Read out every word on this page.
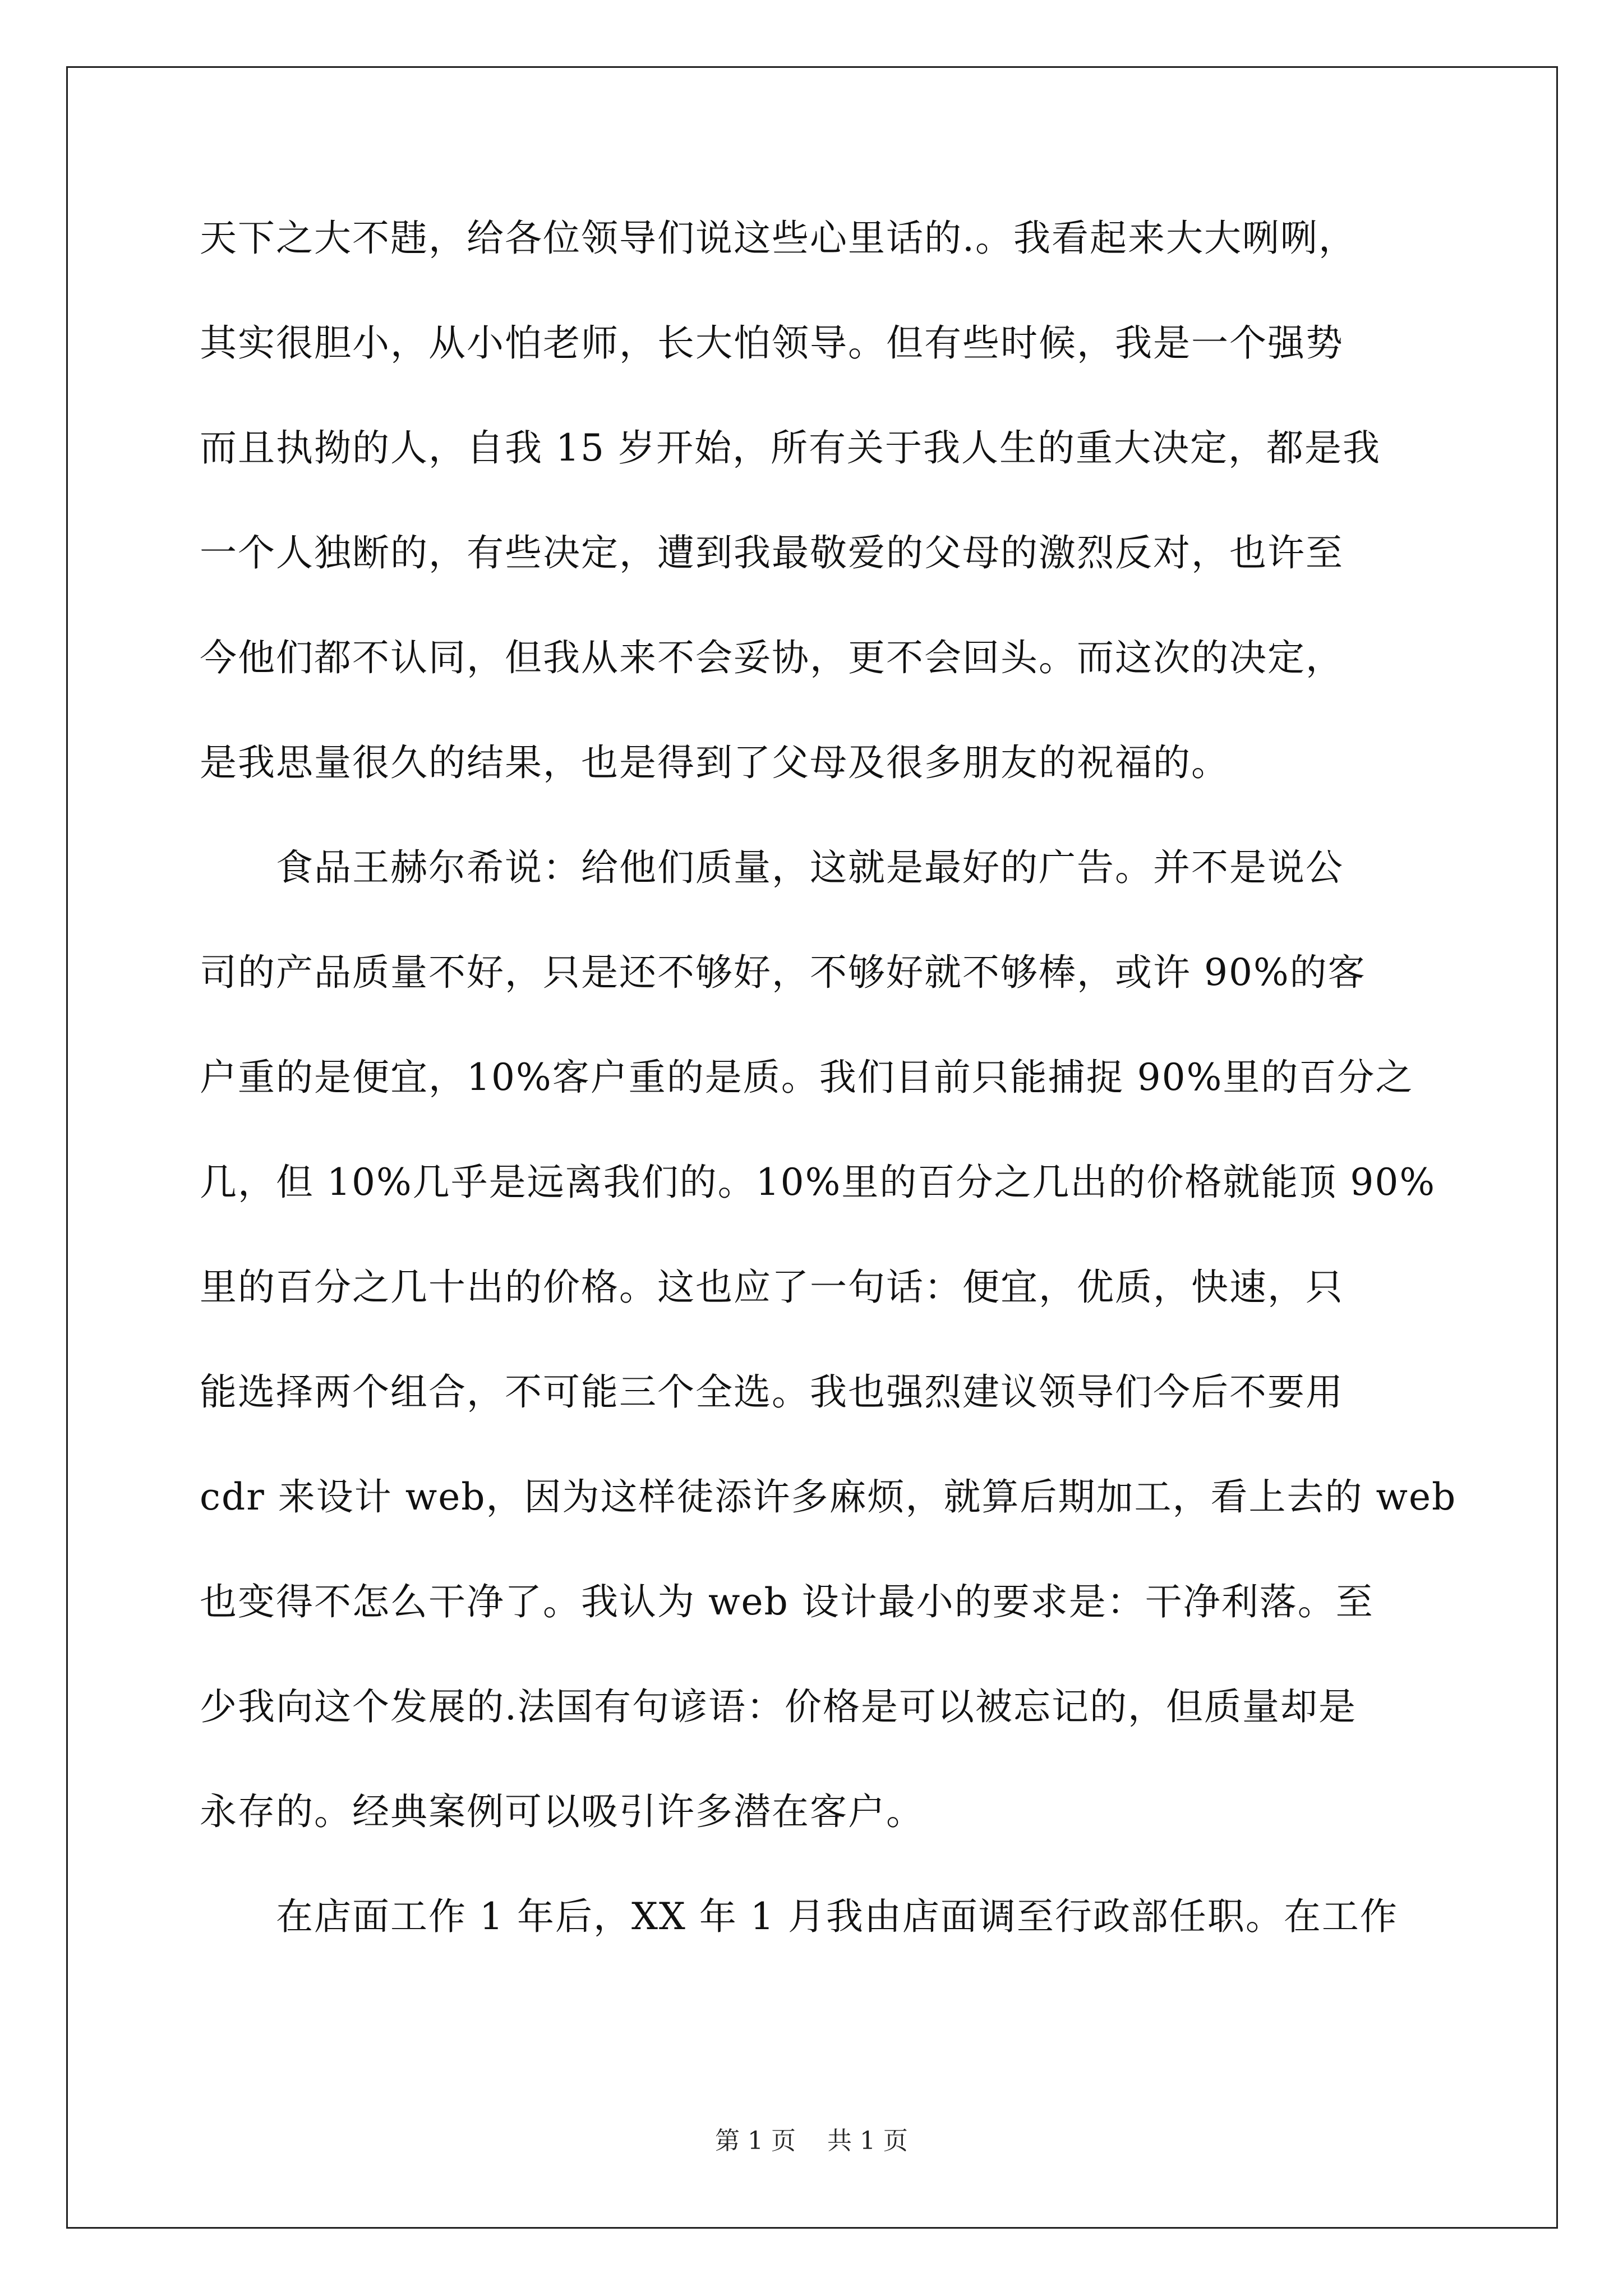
天下之大不韪，给各位领导们说这些心里话的.。我看起来大大咧咧，
其实很胆小，从小怕老师，长大怕领导。但有些时候，我是一个强势
而且执拗的人，自我 15 岁开始，所有关于我人生的重大决定，都是我
一个人独断的，有些决定，遭到我最敬爱的父母的激烈反对，也许至
今他们都不认同，但我从来不会妥协，更不会回头。而这次的决定，
是我思量很久的结果，也是得到了父母及很多朋友的祝福的。
食品王赫尔希说：给他们质量，这就是最好的广告。并不是说公
司的产品质量不好，只是还不够好，不够好就不够棒，或许 90%的客
户重的是便宜，10%客户重的是质。我们目前只能捕捉 90%里的百分之
几，但 10%几乎是远离我们的。10%里的百分之几出的价格就能顶 90%
里的百分之几十出的价格。这也应了一句话：便宜，优质，快速，只
能选择两个组合，不可能三个全选。我也强烈建议领导们今后不要用
cdr 来设计 web，因为这样徒添许多麻烦，就算后期加工，看上去的 web
也变得不怎么干净了。我认为 web 设计最小的要求是：干净利落。至
少我向这个发展的.法国有句谚语：价格是可以被忘记的，但质量却是
永存的。经典案例可以吸引许多潜在客户。
在店面工作 1 年后，XX 年 1 月我由店面调至行政部任职。在工作
第 1 页    共 1 页
